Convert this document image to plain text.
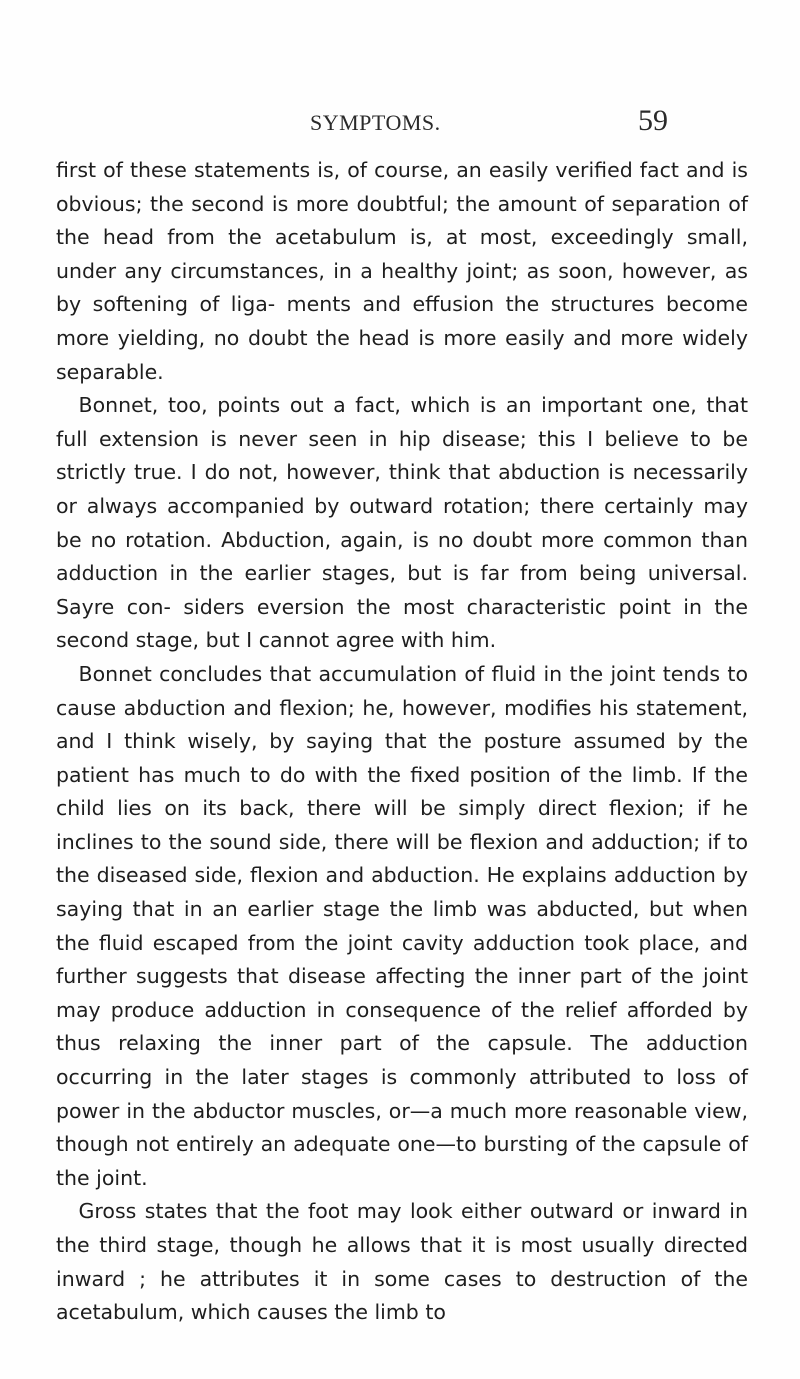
SYMPTOMS.	59

first of these statements is, of course, an easily verified fact and is obvious; the second is more doubtful; the amount of separation of the head from the acetabulum is, at most, exceedingly small, under any circumstances, in a healthy joint; as soon, however, as by softening of liga- ments and effusion the structures become more yielding, no doubt the head is more easily and more widely separable.

Bonnet, too, points out a fact, which is an important one, that full extension is never seen in hip disease; this I believe to be strictly true. I do not, however, think that abduction is necessarily or always accompanied by outward rotation; there certainly may be no rotation. Abduction, again, is no doubt more common than adduction in the earlier stages, but is far from being universal. Sayre con- siders eversion the most characteristic point in the second stage, but I cannot agree with him.

Bonnet concludes that accumulation of fluid in the joint tends to cause abduction and flexion; he, however, modifies his statement, and I think wisely, by saying that the posture assumed by the patient has much to do with the fixed position of the limb. If the child lies on its back, there will be simply direct flexion; if he inclines to the sound side, there will be flexion and adduction; if to the diseased side, flexion and abduction. He explains adduction by saying that in an earlier stage the limb was abducted, but when the fluid escaped from the joint cavity adduction took place, and further suggests that disease affecting the inner part of the joint may produce adduction in consequence of the relief afforded by thus relaxing the inner part of the capsule. The adduction occurring in the later stages is commonly attributed to loss of power in the abductor muscles, or—a much more reasonable view, though not entirely an adequate one—to bursting of the capsule of the joint.

Gross states that the foot may look either outward or inward in the third stage, though he allows that it is most usually directed inward ; he attributes it in some cases to destruction of the acetabulum, which causes the limb to
